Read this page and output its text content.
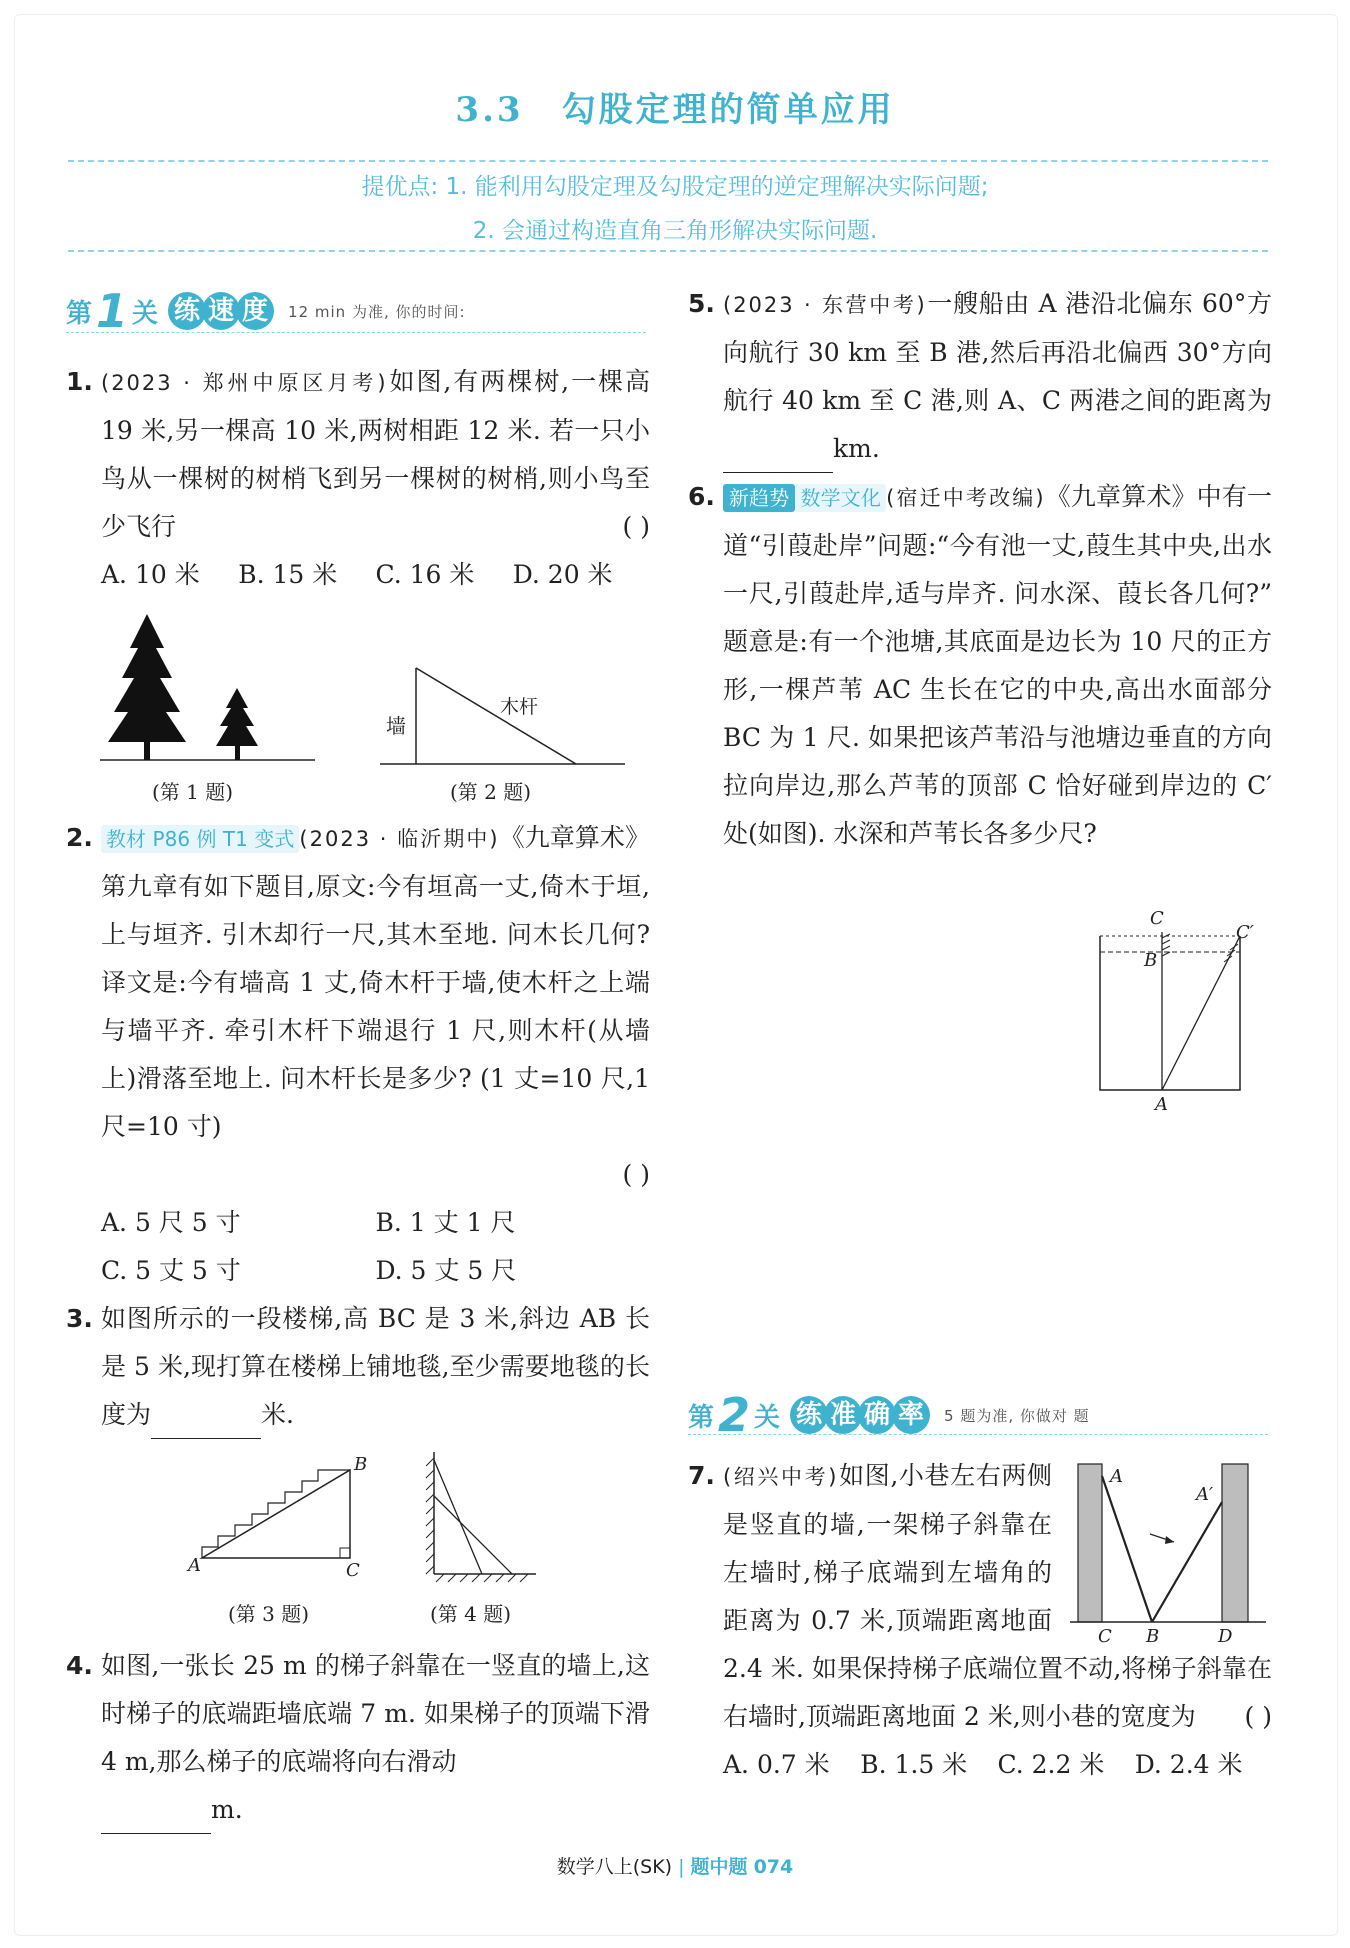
3.3 勾股定理的简单应用
提优点: 1. 能利用勾股定理及勾股定理的逆定理解决实际问题;
2. 会通过构造直角三角形解决实际问题.
第 1 关 练 速 度	12 min 为准, 你的时间:
1. (2023 · 郑州中原区月考)如图,有两棵树,一棵高 19 米,另一棵高 10 米,两树相距 12 米. 若一只小鸟从一棵树的树梢飞到另一棵树的树梢,则小鸟至少飞行	( )
A. 10 米	B. 15 米	C. 16 米	D. 20 米
(第 1 题)
墙
木杆
(第 2 题)
2. 教材 P86 例 T1 变式 (2023 · 临沂期中)《九章算术》第九章有如下题目,原文:今有垣高一丈,倚木于垣,上与垣齐. 引木却行一尺,其木至地. 问木长几何? 译文是:今有墙高 1 丈,倚木杆于墙,使木杆之上端与墙平齐. 牵引木杆下端退行 1 尺,则木杆(从墙上)滑落至地上. 问木杆长是多少? (1 丈=10 尺,1 尺=10 寸)
( )
A. 5 尺 5 寸	B. 1 丈 1 尺
C. 5 丈 5 寸	D. 5 丈 5 尺
3. 如图所示的一段楼梯,高 BC 是 3 米,斜边 AB 长是 5 米,现打算在楼梯上铺地毯,至少需要地毯的长度为	米.
A
B
C
(第 3 题)	(第 4 题)
4. 如图,一张长 25 m 的梯子斜靠在一竖直的墙上,这时梯子的底端距墙底端 7 m. 如果梯子的顶端下滑 4 m,那么梯子的底端将向右滑动
m.
5. (2023 · 东营中考)一艘船由 A 港沿北偏东 60°方向航行 30 km 至 B 港,然后再沿北偏西 30°方向航行 40 km 至 C 港,则 A、C 两港之间的距离为km.
6. 新趋势 数学文化 (宿迁中考改编)《九章算术》中有一道“引葭赴岸”问题:“今有池一丈,葭生其中央,出水一尺,引葭赴岸,适与岸齐. 问水深、葭长各几何?” 题意是:有一个池塘,其底面是边长为 10 尺的正方形,一棵芦苇 AC 生长在它的中央,高出水面部分 BC 为 1 尺. 如果把该芦苇沿与池塘边垂直的方向拉向岸边,那么芦苇的顶部 C 恰好碰到岸边的 C′处(如图). 水深和芦苇长各多少尺?
C
C′
B
A
第 2 关 练 准 确 率	5 题为准, 你做对 题
7. (绍兴中考)如图,小巷左右两侧是竖直的墙,一架梯子斜靠在左墙时,梯子底端到左墙角的距离为 0.7 米,顶端距离地面 2.4 米. 如果保持梯子底端位置不动,将梯子斜靠在右墙时,顶端距离地面 2 米,则小巷的宽度为	( )
A. 0.7 米	B. 1.5 米	C. 2.2 米	D. 2.4 米
A
A′
C B	D
数学八上(SK) | 题中题 074
